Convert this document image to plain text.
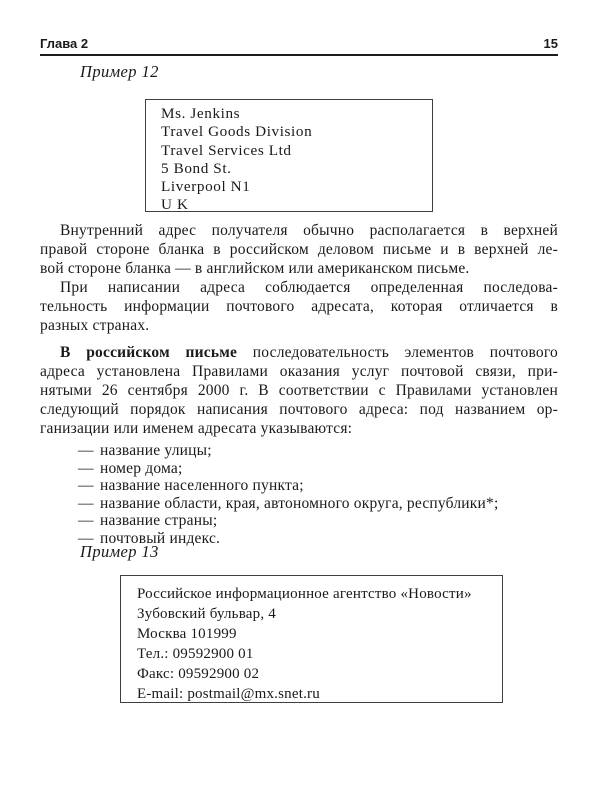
Глава 2	15
Пример 12
Ms. Jenkins
Travel Goods Division
Travel Services Ltd
5 Bond St.
Liverpool N1
U K
Внутренний адрес получателя обычно располагается в верхней
правой стороне бланка в российском деловом письме и в верхней ле-
вой стороне бланка — в английском или американском письме.
При написании адреса соблюдается определенная последова-
тельность информации почтового адресата, которая отличается в
разных странах.
В российском письме последовательность элементов почтового
адреса установлена Правилами оказания услуг почтовой связи, при-
нятыми 26 сентября 2000 г. В соответствии с Правилами установлен
следующий порядок написания почтового адреса: под названием ор-
ганизации или именем адресата указываются:
— название улицы;
— номер дома;
— название населенного пункта;
— название области, края, автономного округа, республики*;
— название страны;
— почтовый индекс.
Пример 13
Российское информационное агентство «Новости»
Зубовский бульвар, 4
Москва 101999
Тел.: 09592900 01
Факс: 09592900 02
E-mail: postmail@mx.snet.ru
